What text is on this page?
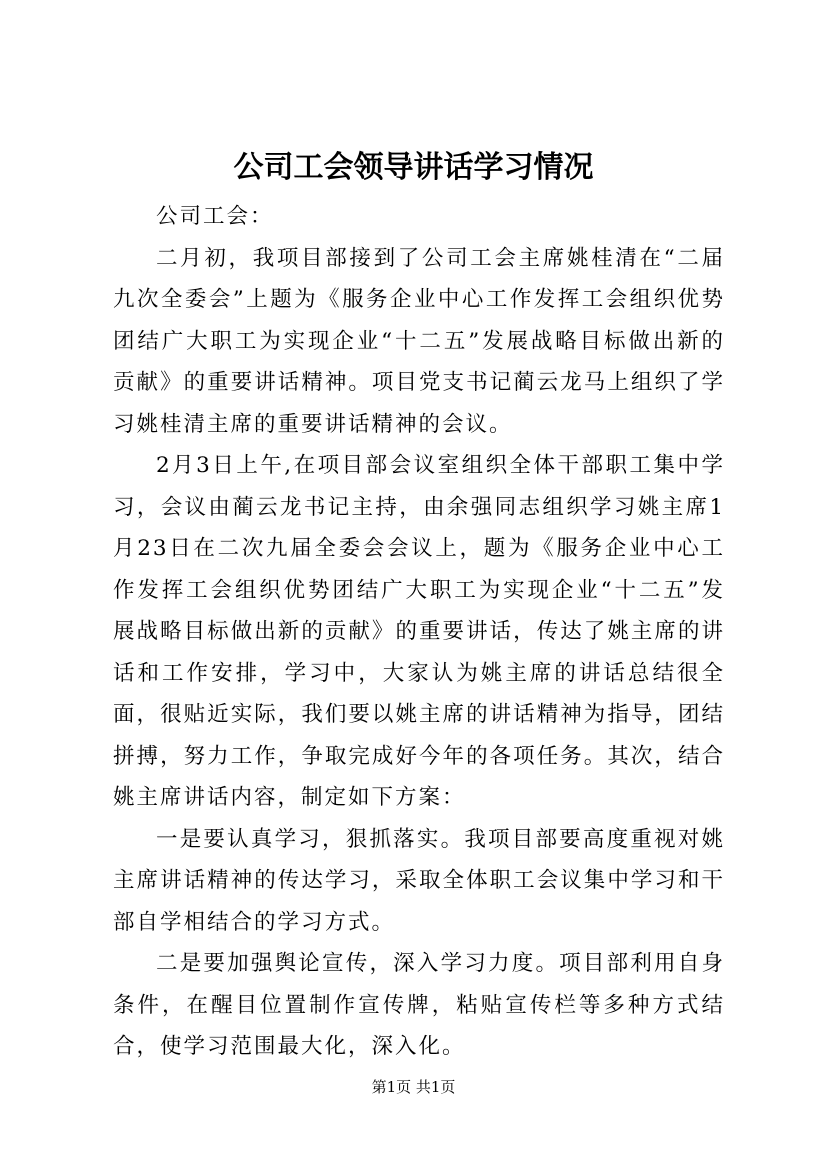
公司工会领导讲话学习情况

公司工会：

二月初，我项目部接到了公司工会主席姚桂清在“二届九次全委会”上题为《服务企业中心工作发挥工会组织优势团结广大职工为实现企业“十二五”发展战略目标做出新的贡献》的重要讲话精神。项目党支书记蔺云龙马上组织了学习姚桂清主席的重要讲话精神的会议。

2月3日上午,在项目部会议室组织全体干部职工集中学习，会议由蔺云龙书记主持，由余强同志组织学习姚主席1月23日在二次九届全委会会议上，题为《服务企业中心工作发挥工会组织优势团结广大职工为实现企业“十二五”发展战略目标做出新的贡献》的重要讲话，传达了姚主席的讲话和工作安排，学习中，大家认为姚主席的讲话总结很全面，很贴近实际，我们要以姚主席的讲话精神为指导，团结拼搏，努力工作，争取完成好今年的各项任务。其次，结合姚主席讲话内容，制定如下方案：

一是要认真学习，狠抓落实。我项目部要高度重视对姚主席讲话精神的传达学习，采取全体职工会议集中学习和干部自学相结合的学习方式。

二是要加强舆论宣传，深入学习力度。项目部利用自身条件，在醒目位置制作宣传牌，粘贴宣传栏等多种方式结合，使学习范围最大化，深入化。

第1页 共1页
